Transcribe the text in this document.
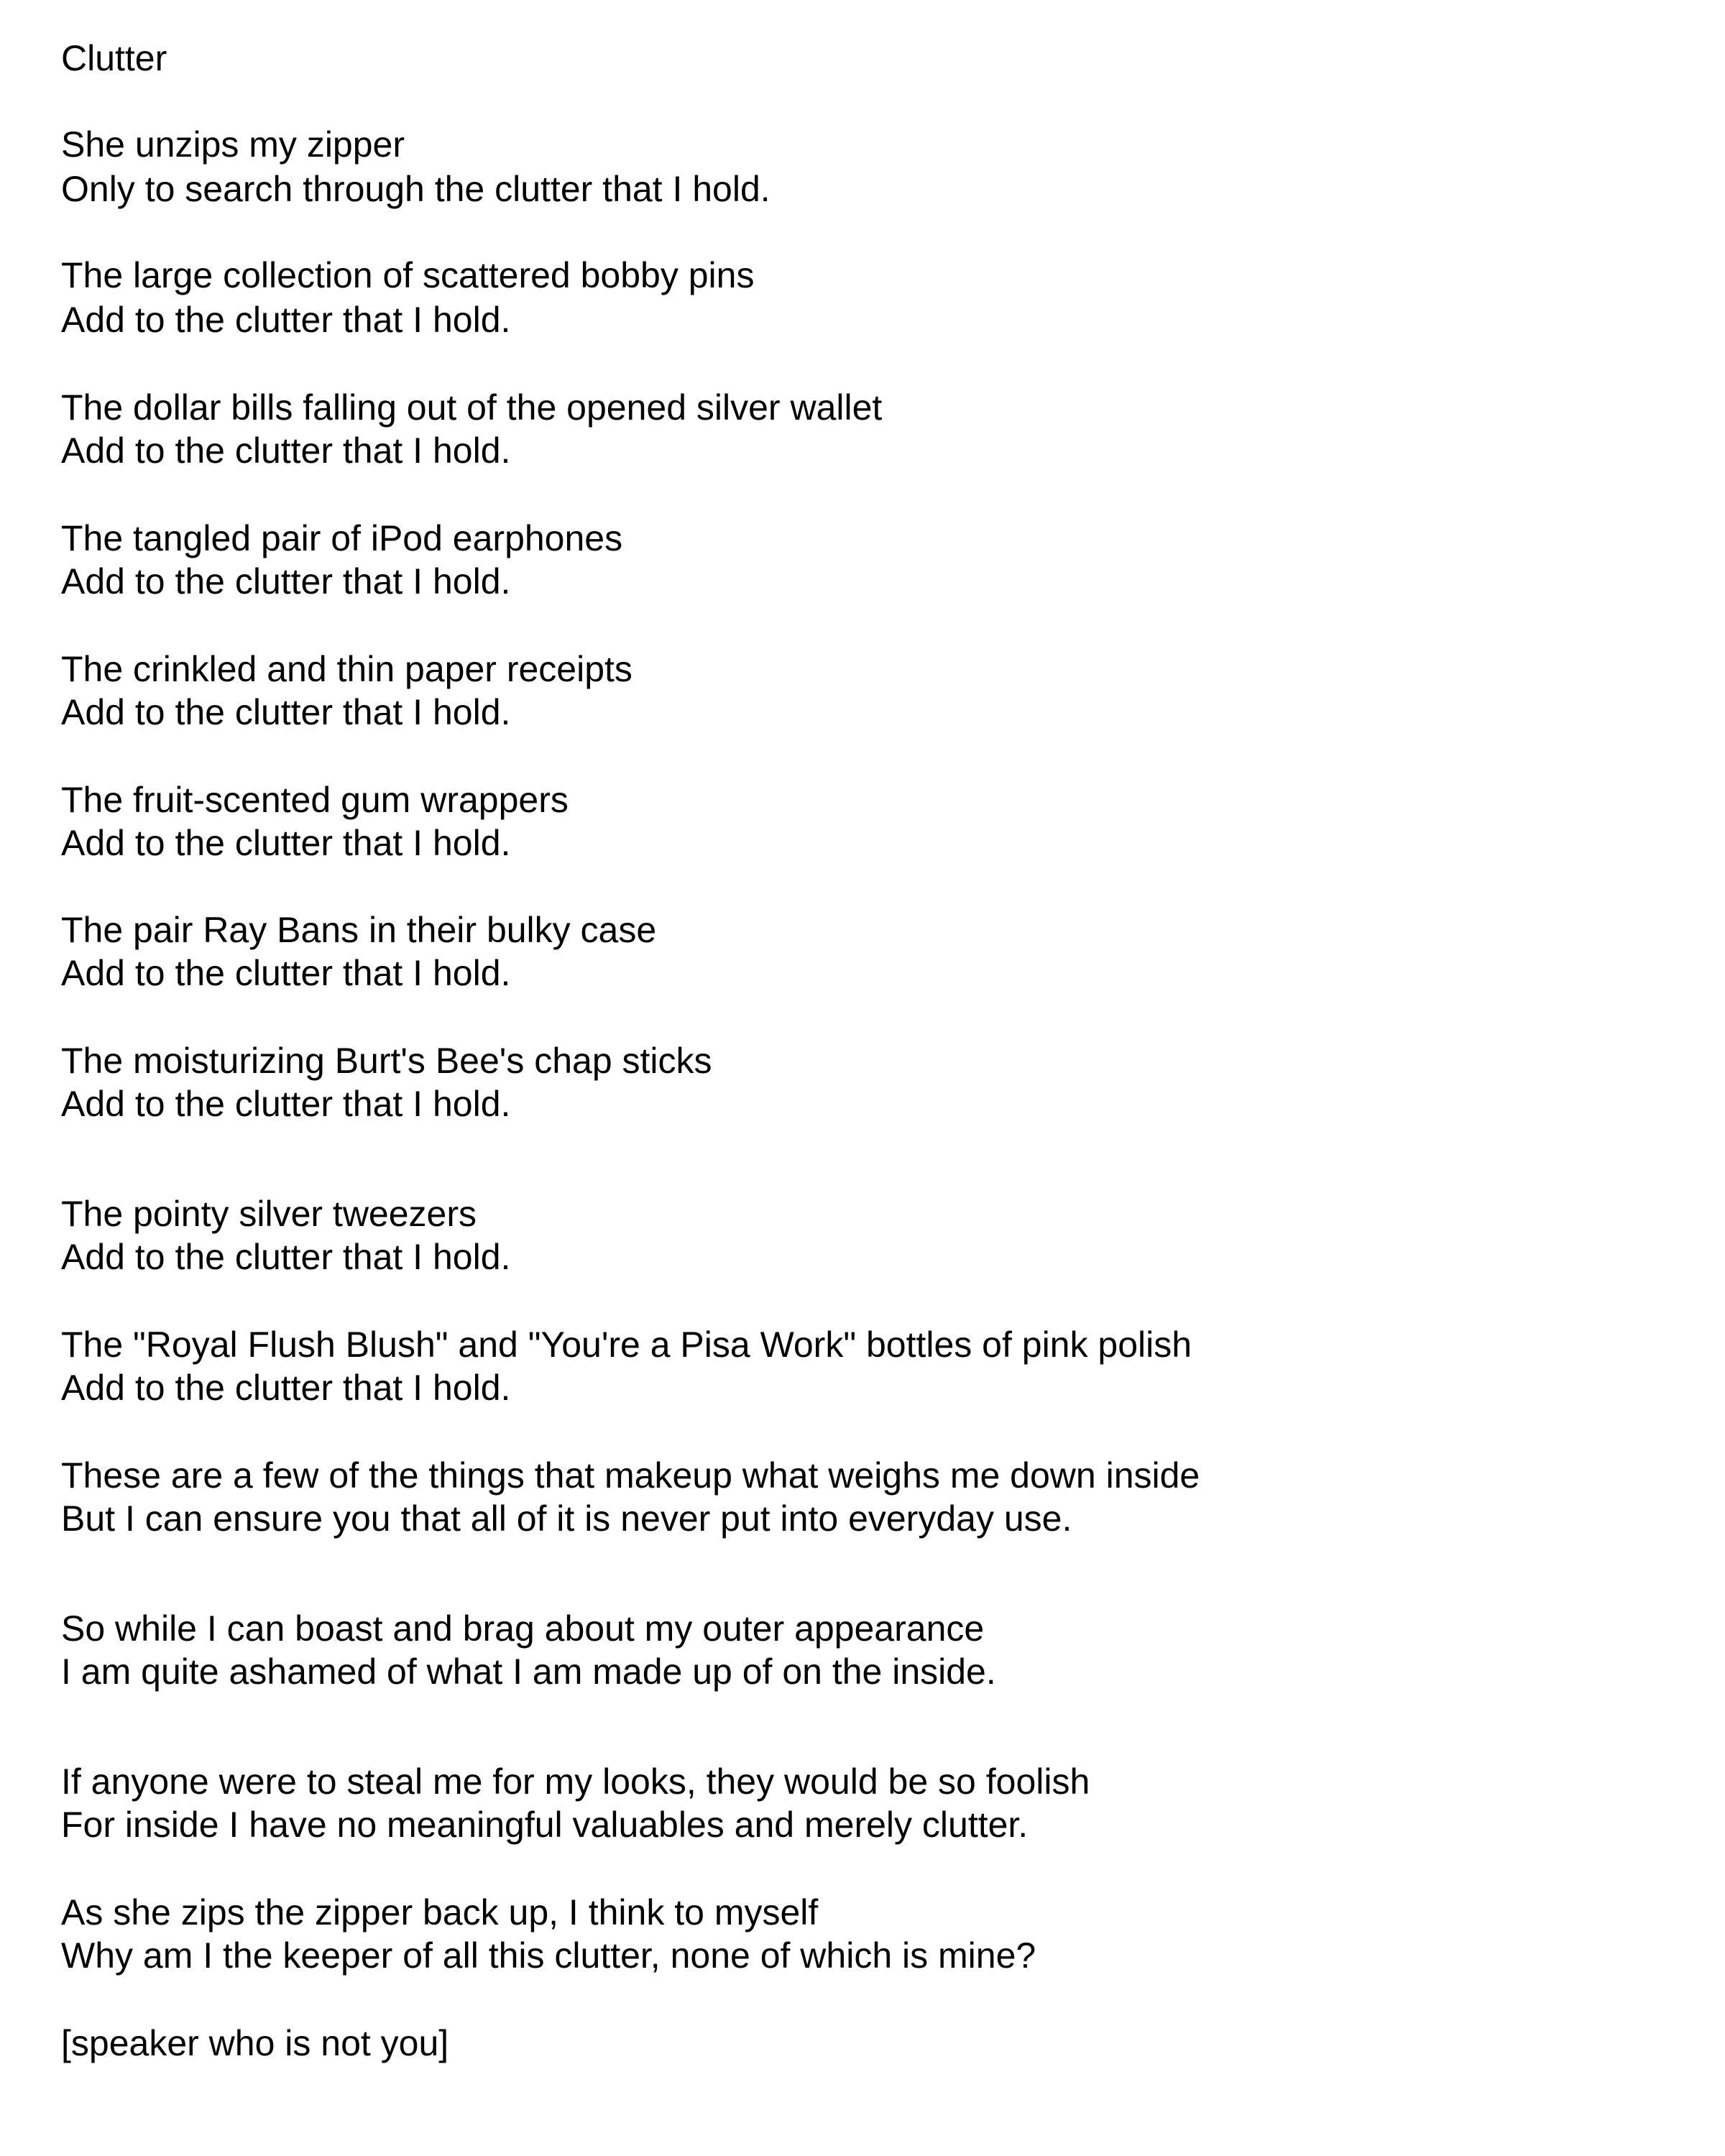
Clutter
She unzips my zipper
Only to search through the clutter that I hold.
The large collection of scattered bobby pins
Add to the clutter that I hold.
The dollar bills falling out of the opened silver wallet
Add to the clutter that I hold.
The tangled pair of iPod earphones
Add to the clutter that I hold.
The crinkled and thin paper receipts
Add to the clutter that I hold.
The fruit-scented gum wrappers
Add to the clutter that I hold.
The pair Ray Bans in their bulky case
Add to the clutter that I hold.
The moisturizing Burt's Bee's chap sticks
Add to the clutter that I hold.
The pointy silver tweezers
Add to the clutter that I hold.
The "Royal Flush Blush" and "You're a Pisa Work" bottles of pink polish
Add to the clutter that I hold.
These are a few of the things that makeup what weighs me down inside
But I can ensure you that all of it is never put into everyday use.
So while I can boast and brag about my outer appearance
I am quite ashamed of what I am made up of on the inside.
If anyone were to steal me for my looks, they would be so foolish
For inside I have no meaningful valuables and merely clutter.
As she zips the zipper back up, I think to myself
Why am I the keeper of all this clutter, none of which is mine?
[speaker who is not you]
